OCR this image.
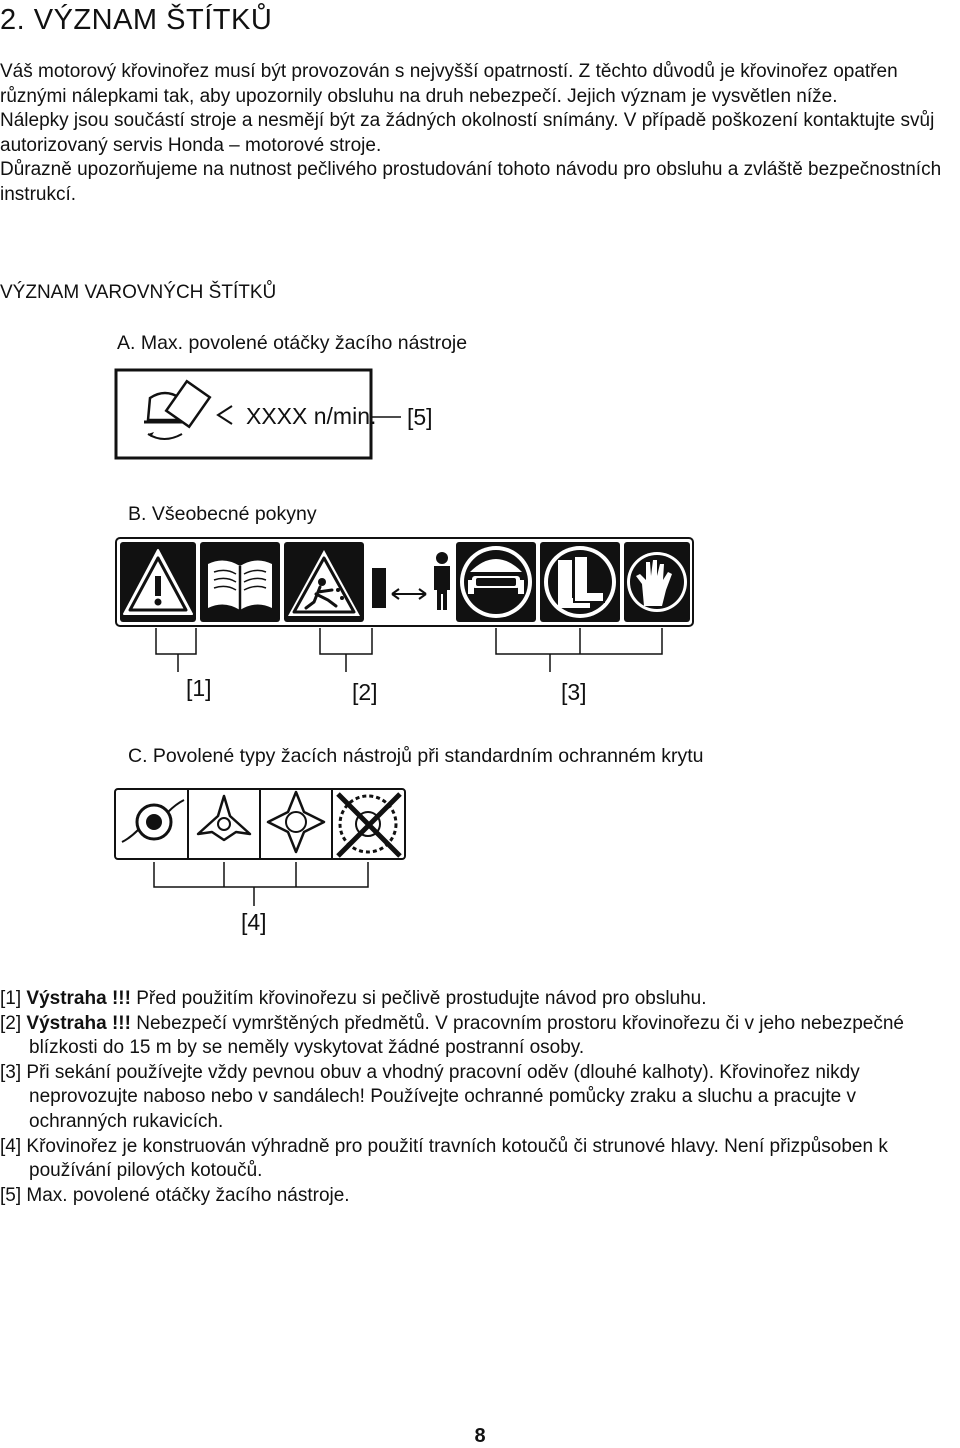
2. VÝZNAM ŠTÍTKŮ

Váš motorový křovinořez musí být provozován s nejvyšší opatrností. Z těchto důvodů je křovinořez opatřen různými nálepkami tak, aby upozornily obsluhu na druh nebezpečí. Jejich význam je vysvětlen níže.

Nálepky jsou součástí stroje a nesmějí být za žádných okolností snímány. V případě poškození kontaktujte svůj autorizovaný servis Honda – motorové stroje.

Důrazně upozorňujeme na nutnost pečlivého prostudování tohoto návodu pro obsluhu a zvláště bezpečnostních instrukcí.

VÝZNAM VAROVNÝCH ŠTÍTKŮ
A. Max. povolené otáčky žacího nástroje
XXXX n/min. [5]
B. Všeobecné pokyny
[1]	[2]	[3]
C. Povolené typy žacích nástrojů při standardním ochranném krytu
[4]

[1] Výstraha !!! Před použitím křovinořezu si pečlivě prostudujte návod pro obsluhu.

[2] Výstraha !!! Nebezpečí vymrštěných předmětů. V pracovním prostoru křovinořezu či v jeho nebezpečné blízkosti do 15 m by se neměly vyskytovat žádné postranní osoby.

[3] Při sekání používejte vždy pevnou obuv a vhodný pracovní oděv (dlouhé kalhoty). Křovinořez nikdy neprovozujte naboso nebo v sandálech! Používejte ochranné pomůcky zraku a sluchu a pracujte v ochranných rukavicích.

[4] Křovinořez je konstruován výhradně pro použití travních kotoučů či strunové hlavy. Není přizpůsoben k používání pilových kotoučů.

[5] Max. povolené otáčky žacího nástroje.

8
